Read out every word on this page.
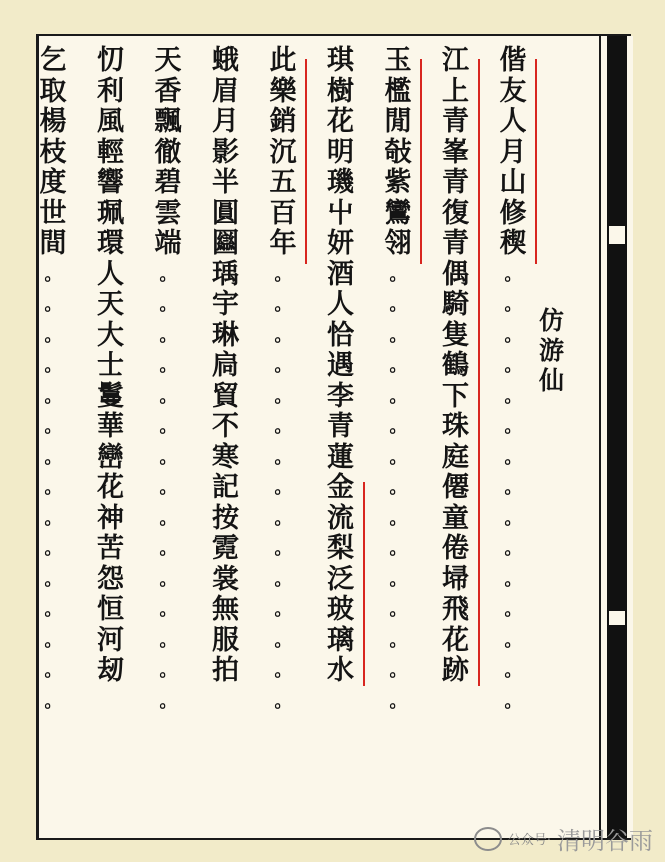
偕
友
人
月
山
修
稧
。
。
。
。
。
。
。
。
。
。
。
。
。
。
。
江
上
青
峯
青
復
青
偶
騎
隻
鶴
下
珠
庭
僊
童
倦
埽
飛
花
跡
玉
檻
閒
敧
紫
鸞
翎
。
。
。
。
。
。
。
。
。
。
。
。
。
。
。
琪
樹
花
明
璣
屮
妍
酒
人
恰
遇
李
青
蓮
金
流
梨
泛
玻
璃
水
此
樂
銷
沉
五
百
年
。
。
。
。
。
。
。
。
。
。
。
。
。
。
。
蛾
眉
月
影
半
圓
圝
瑀
宇
琳
扃
貿
不
寒
記
按
霓
裳
無
服
拍
天
香
飄
徹
碧
雲
端
。
。
。
。
。
。
。
。
。
。
。
。
。
。
。
忉
利
風
輕
響
珮
環
人
天
大
士
鬘
華
巒
花
神
苦
怨
恒
河
刼
乞
取
楊
枝
度
世
間
。
。
。
。
。
。
。
。
。
。
。
。
。
。
。
仿
游
仙
公众号· 清明谷雨
